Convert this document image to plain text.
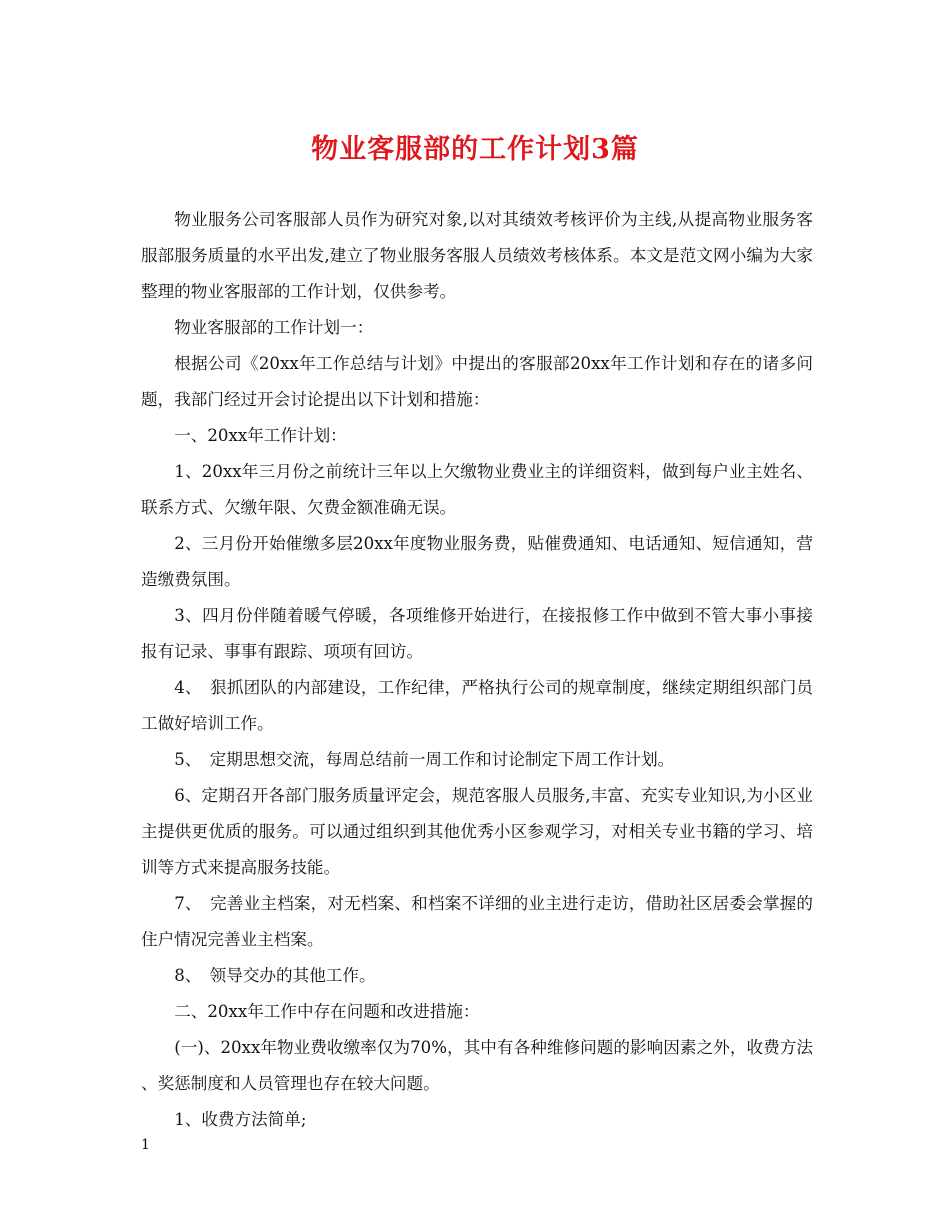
物业客服部的工作计划3篇

物业服务公司客服部人员作为研究对象,以对其绩效考核评价为主线,从提高物业服务客服部服务质量的水平出发,建立了物业服务客服人员绩效考核体系。本文是范文网小编为大家整理的物业客服部的工作计划，仅供参考。

物业客服部的工作计划一：

根据公司《20xx年工作总结与计划》中提出的客服部20xx年工作计划和存在的诸多问题，我部门经过开会讨论提出以下计划和措施：

一、20xx年工作计划：

1、20xx年三月份之前统计三年以上欠缴物业费业主的详细资料，做到每户业主姓名、联系方式、欠缴年限、欠费金额准确无误。

2、三月份开始催缴多层20xx年度物业服务费，贴催费通知、电话通知、短信通知，营造缴费氛围。

3、四月份伴随着暖气停暖，各项维修开始进行，在接报修工作中做到不管大事小事接报有记录、事事有跟踪、项项有回访。

4、　狠抓团队的内部建设，工作纪律，严格执行公司的规章制度，继续定期组织部门员工做好培训工作。

5、　定期思想交流，每周总结前一周工作和讨论制定下周工作计划。

6、定期召开各部门服务质量评定会，规范客服人员服务,丰富、充实专业知识,为小区业主提供更优质的服务。可以通过组织到其他优秀小区参观学习，对相关专业书籍的学习、培训等方式来提高服务技能。

7、　完善业主档案，对无档案、和档案不详细的业主进行走访，借助社区居委会掌握的住户情况完善业主档案。

8、　领导交办的其他工作。

二、20xx年工作中存在问题和改进措施：

(一)、20xx年物业费收缴率仅为70%，其中有各种维修问题的影响因素之外，收费方法、奖惩制度和人员管理也存在较大问题。

1、收费方法简单;

1
